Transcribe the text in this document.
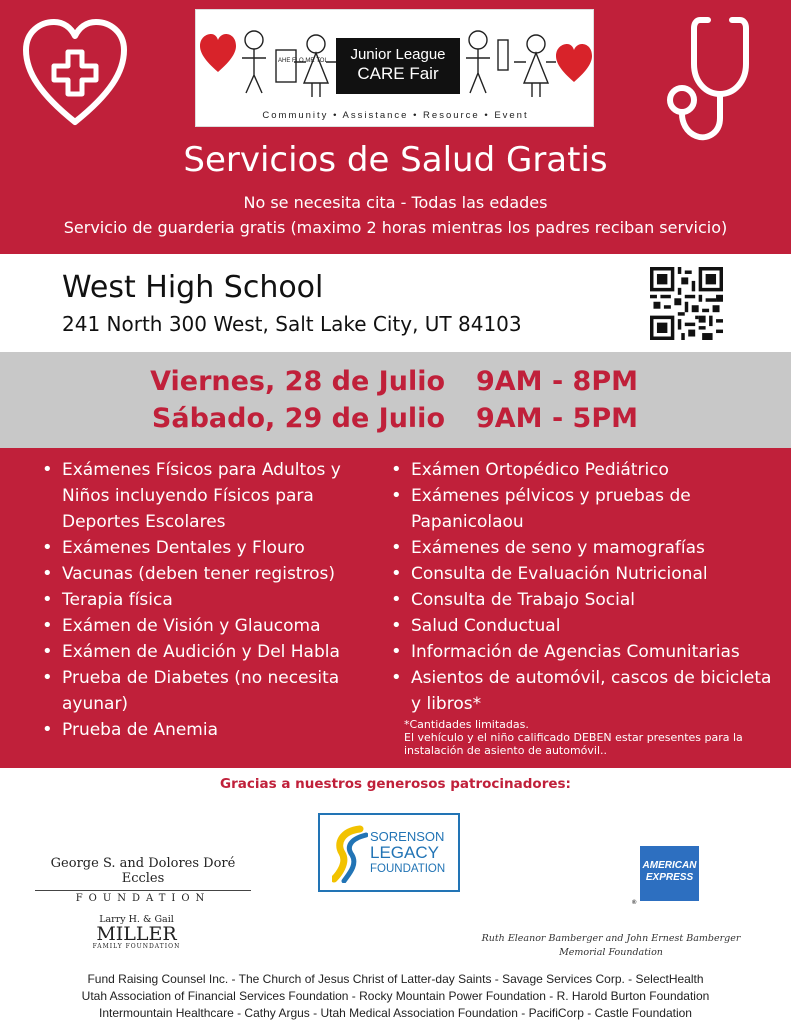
AHE FLO MR TOL	Junior League
CARE Fair
Community • Assistance • Resource • Event
Servicios de Salud Gratis
No se necesita cita - Todas las edades
Servicio de guarderia gratis (maximo 2 horas mientras los padres reciban servicio)
West High School
241 North 300 West, Salt Lake City, UT 84103
Viernes, 28 de Julio 9AM - 8PM
Sábado, 29 de Julio 9AM - 5PM
• Exámenes Físicos para Adultos y Niños incluyendo Físicos para Deportes Escolares
• Exámenes Dentales y Flouro
• Vacunas (deben tener registros)
• Terapia física
• Exámen de Visión y Glaucoma
• Exámen de Audición y Del Habla
• Prueba de Diabetes (no necesita ayunar)
• Prueba de Anemia
• Exámen Ortopédico Pediátrico
• Exámenes pélvicos y pruebas de Papanicolaou
• Exámenes de seno y mamografías
• Consulta de Evaluación Nutricional
• Consulta de Trabajo Social
• Salud Conductual
• Información de Agencias Comunitarias
• Asientos de automóvil, cascos de bicicleta y libros*
*Cantidades limitadas.
El vehículo y el niño calificado DEBEN estar presentes para la instalación de asiento de automóvil..
Gracias a nuestros generosos patrocinadores:
George S. and Dolores Doré Eccles
FOUNDATION
SORENSON
LEGACY
FOUNDATION	AMERICAN
EXPRESS
®
Larry H. & Gail
MILLER
FAMILY FOUNDATION
Ruth Eleanor Bamberger and John Ernest Bamberger
Memorial Foundation
Fund Raising Counsel Inc. - The Church of Jesus Christ of Latter-day Saints - Savage Services Corp. - SelectHealth
Utah Association of Financial Services Foundation - Rocky Mountain Power Foundation - R. Harold Burton Foundation
Intermountain Healthcare - Cathy Argus - Utah Medical Association Foundation - PacifiCorp - Castle Foundation
